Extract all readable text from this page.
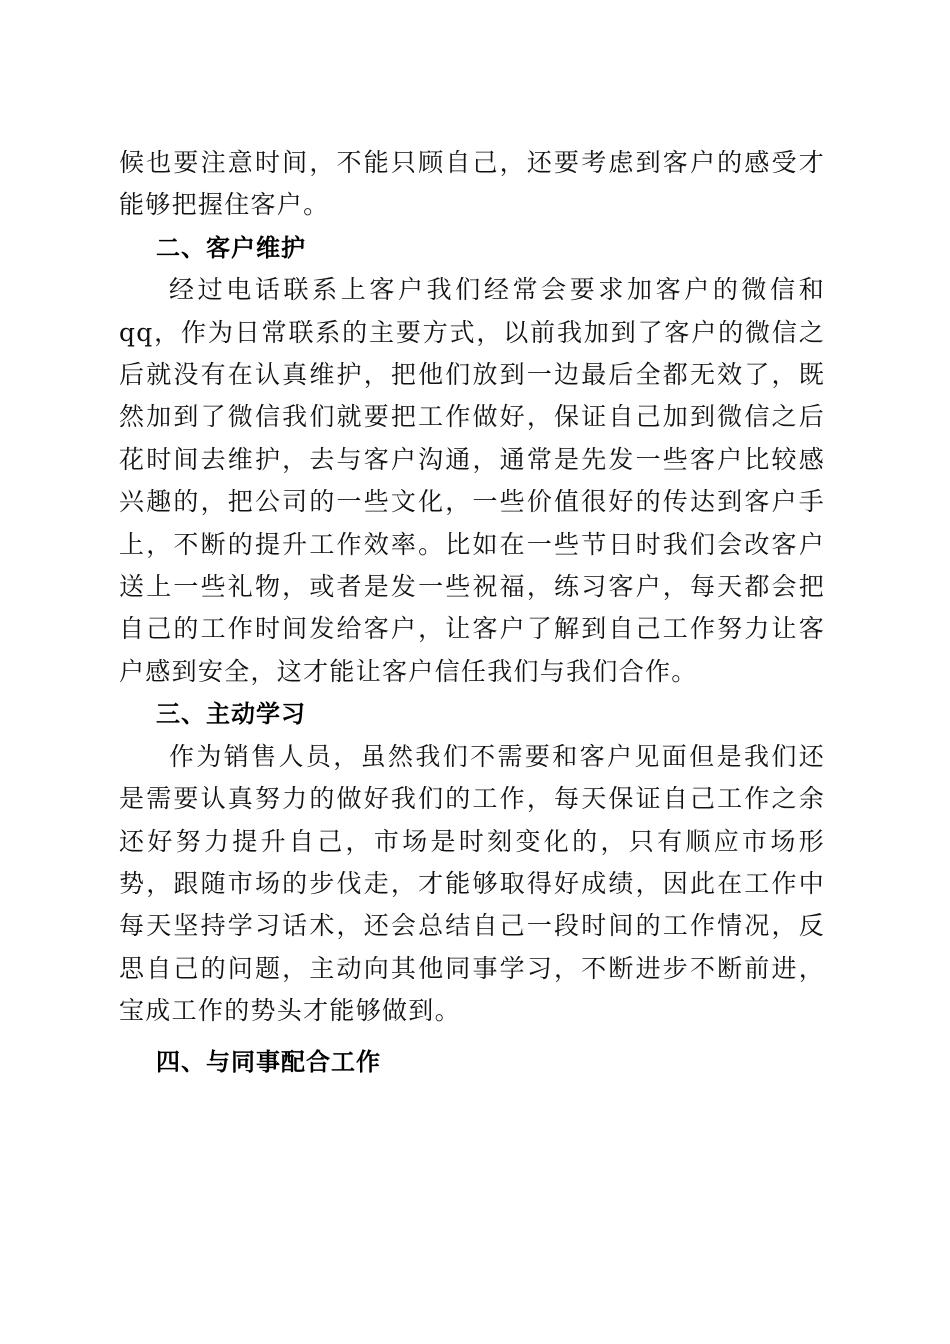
候也要注意时间，不能只顾自己，还要考虑到客户的感受才能够把握住客户。

二、客户维护

经过电话联系上客户我们经常会要求加客户的微信和qq，作为日常联系的主要方式，以前我加到了客户的微信之后就没有在认真维护，把他们放到一边最后全都无效了，既然加到了微信我们就要把工作做好，保证自己加到微信之后花时间去维护，去与客户沟通，通常是先发一些客户比较感兴趣的，把公司的一些文化，一些价值很好的传达到客户手上，不断的提升工作效率。比如在一些节日时我们会改客户送上一些礼物，或者是发一些祝福，练习客户，每天都会把自己的工作时间发给客户，让客户了解到自己工作努力让客户感到安全，这才能让客户信任我们与我们合作。

三、主动学习

作为销售人员，虽然我们不需要和客户见面但是我们还是需要认真努力的做好我们的工作，每天保证自己工作之余还好努力提升自己，市场是时刻变化的，只有顺应市场形势，跟随市场的步伐走，才能够取得好成绩，因此在工作中每天坚持学习话术，还会总结自己一段时间的工作情况，反思自己的问题，主动向其他同事学习，不断进步不断前进，宝成工作的势头才能够做到。

四、与同事配合工作
